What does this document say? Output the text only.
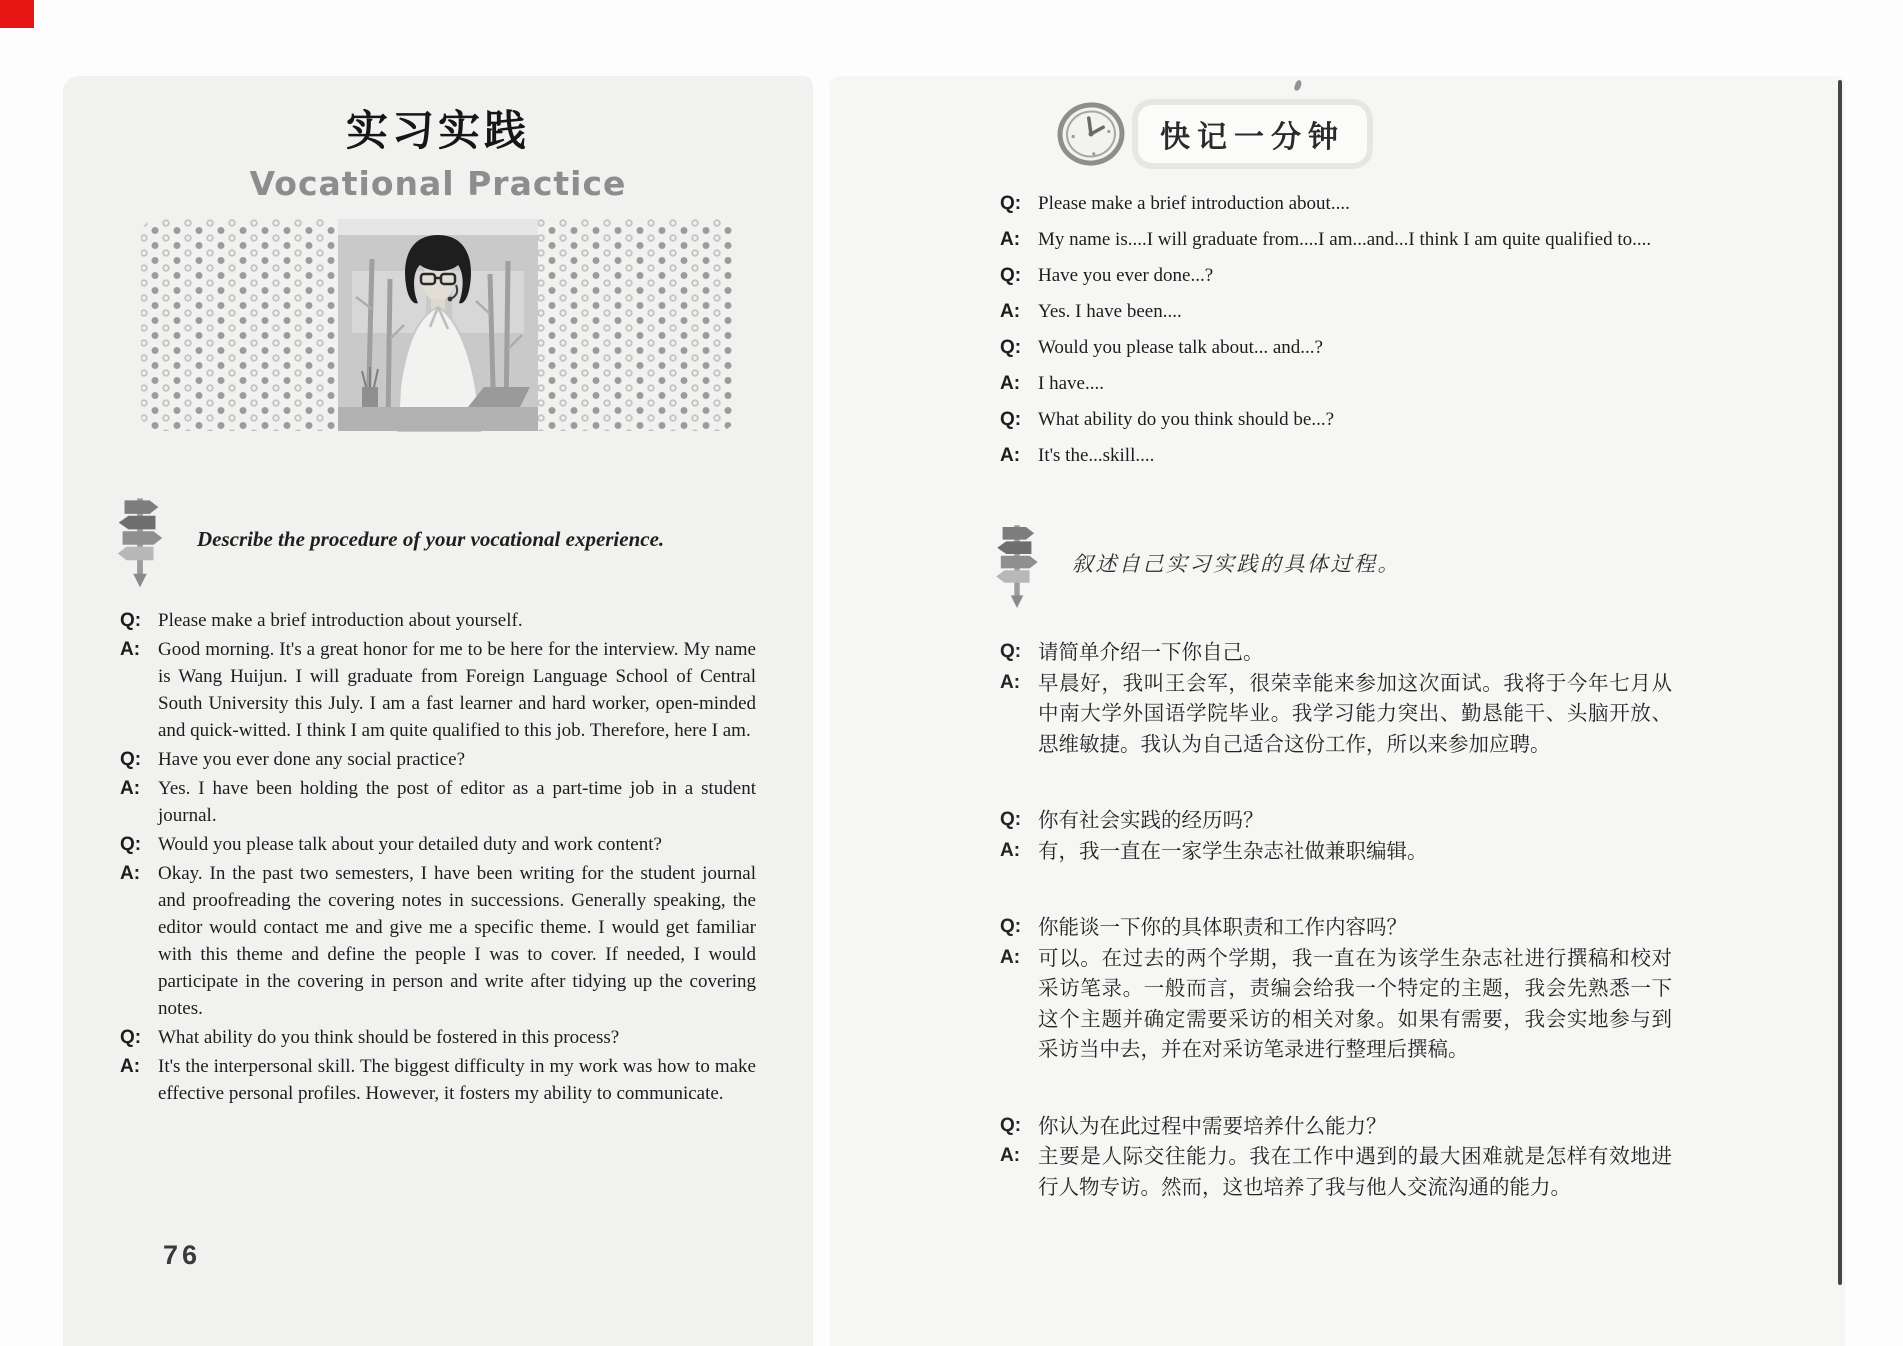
实习实践
Vocational Practice
Describe the procedure of your vocational experience.
Q: Please make a brief introduction about yourself.
A: Good morning. It's a great honor for me to be here for the interview. My name is Wang Huijun. I will graduate from Foreign Language School of Central South University this July. I am a fast learner and hard worker, open-minded and quick-witted. I think I am quite qualified to this job. Therefore, here I am.
Q: Have you ever done any social practice?
A: Yes. I have been holding the post of editor as a part-time job in a student journal.
Q: Would you please talk about your detailed duty and work content?
A: Okay. In the past two semesters, I have been writing for the student journal and proofreading the covering notes in successions. Generally speaking, the editor would contact me and give me a specific theme. I would get familiar with this theme and define the people I was to cover. If needed, I would participate in the covering in person and write after tidying up the covering notes.
Q: What ability do you think should be fostered in this process?
A: It's the interpersonal skill. The biggest difficulty in my work was how to make effective personal profiles. However, it fosters my ability to communicate.
76
快记一分钟
Q: Please make a brief introduction about....
A: My name is....I will graduate from....I am...and...I think I am quite qualified to....
Q: Have you ever done...?
A: Yes. I have been....
Q: Would you please talk about... and...?
A: I have....
Q: What ability do you think should be...?
A: It's the...skill....
叙述自己实习实践的具体过程。
Q: 请简单介绍一下你自己。
A: 早晨好，我叫王会军，很荣幸能来参加这次面试。我将于今年七月从中南大学外国语学院毕业。我学习能力突出、勤恳能干、头脑开放、思维敏捷。我认为自己适合这份工作，所以来参加应聘。
Q: 你有社会实践的经历吗？
A: 有，我一直在一家学生杂志社做兼职编辑。
Q: 你能谈一下你的具体职责和工作内容吗？
A: 可以。在过去的两个学期，我一直在为该学生杂志社进行撰稿和校对采访笔录。一般而言，责编会给我一个特定的主题，我会先熟悉一下这个主题并确定需要采访的相关对象。如果有需要，我会实地参与到采访当中去，并在对采访笔录进行整理后撰稿。
Q: 你认为在此过程中需要培养什么能力？
A: 主要是人际交往能力。我在工作中遇到的最大困难就是怎样有效地进行人物专访。然而，这也培养了我与他人交流沟通的能力。
